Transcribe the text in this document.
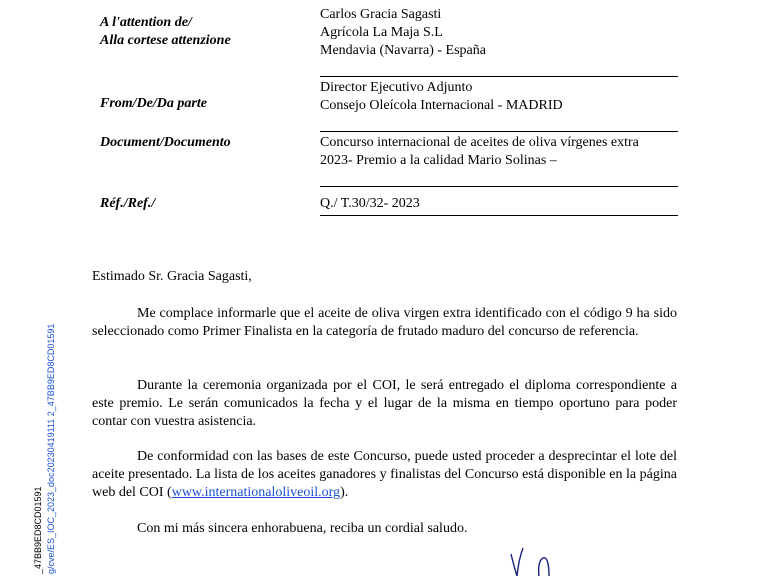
A l'attention de/
Alla cortese attenzione
Carlos Gracia Sagasti
Agrícola La Maja S.L
Mendavia (Navarra) - España
From/De/Da parte
Director Ejecutivo Adjunto
Consejo Oleícola Internacional - MADRID
Document/Documento	Concurso internacional de aceites de oliva vírgenes extra
2023- Premio a la calidad Mario Solinas –
Réf./Ref./	Q./ T.30/32- 2023
Estimado Sr. Gracia Sagasti,
Me complace informarle que el aceite de oliva virgen extra identificado con el código 9 ha sido seleccionado como Primer Finalista en la categoría de frutado maduro del concurso de referencia.
Durante la ceremonia organizada por el COI, le será entregado el diploma correspondiente a este premio. Le serán comunicados la fecha y el lugar de la misma en tiempo oportuno para poder contar con vuestra asistencia.
De conformidad con las bases de este Concurso, puede usted proceder a desprecintar el lote del aceite presentado. La lista de los aceites ganadores y finalistas del Concurso está disponible en la página web del COI (www.internationaloliveoil.org).
Con mi más sincera enhorabuena, reciba un cordial saludo.
_47BB9ED8CD01591 g/cve/ES_IOC_2023_doc20230419111 2_47BB9ED8CD01591
